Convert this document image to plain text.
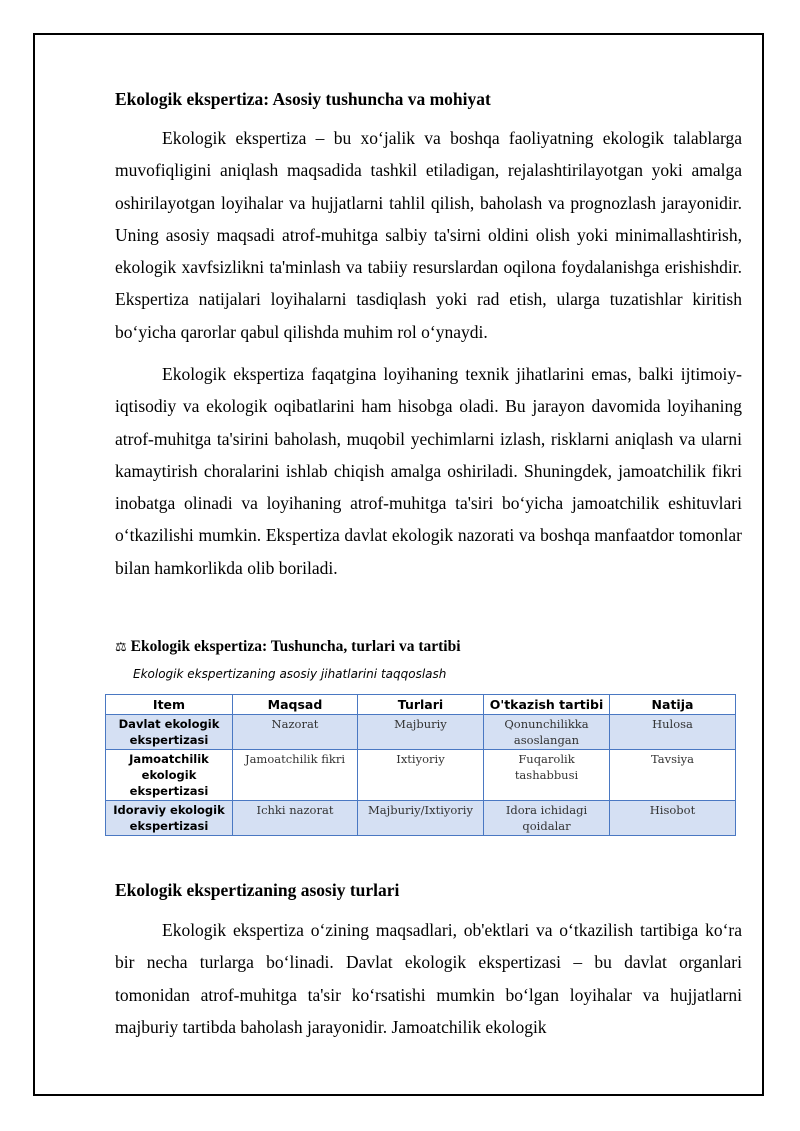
Ekologik ekspertiza: Asosiy tushuncha va mohiyat

Ekologik ekspertiza – bu xo‘jalik va boshqa faoliyatning ekologik talablarga muvofiqligini aniqlash maqsadida tashkil etiladigan, rejalashtirilayotgan yoki amalga oshirilayotgan loyihalar va hujjatlarni tahlil qilish, baholash va prognozlash jarayonidir. Uning asosiy maqsadi atrof-muhitga salbiy ta'sirni oldini olish yoki minimallashtirish, ekologik xavfsizlikni ta'minlash va tabiiy resurslardan oqilona foydalanishga erishishdir. Ekspertiza natijalari loyihalarni tasdiqlash yoki rad etish, ularga tuzatishlar kiritish bo‘yicha qarorlar qabul qilishda muhim rol o‘ynaydi.

Ekologik ekspertiza faqatgina loyihaning texnik jihatlarini emas, balki ijtimoiy-iqtisodiy va ekologik oqibatlarini ham hisobga oladi. Bu jarayon davomida loyihaning atrof-muhitga ta'sirini baholash, muqobil yechimlarni izlash, risklarni aniqlash va ularni kamaytirish choralarini ishlab chiqish amalga oshiriladi. Shuningdek, jamoatchilik fikri inobatga olinadi va loyihaning atrof-muhitga ta'siri bo‘yicha jamoatchilik eshituvlari o‘tkazilishi mumkin. Ekspertiza davlat ekologik nazorati va boshqa manfaatdor tomonlar bilan hamkorlikda olib boriladi.

⚖ Ekologik ekspertiza: Tushuncha, turlari va tartibi
Ekologik ekspertizaning asosiy jihatlarini taqqoslash
Item	Maqsad	Turlari	O'tkazish tartibi	Natija
Davlat ekologik ekspertizasi	Nazorat	Majburiy	Qonunchilikka asoslangan	Hulosa
Jamoatchilik ekologik ekspertizasi	Jamoatchilik fikri	Ixtiyoriy	Fuqarolik tashabbusi	Tavsiya
Idoraviy ekologik ekspertizasi	Ichki nazorat	Majburiy/Ixtiyoriy	Idora ichidagi qoidalar	Hisobot
Ekologik ekspertizaning asosiy turlari

Ekologik ekspertiza o‘zining maqsadlari, ob'ektlari va o‘tkazilish tartibiga ko‘ra bir necha turlarga bo‘linadi. Davlat ekologik ekspertizasi – bu davlat organlari tomonidan atrof-muhitga ta'sir ko‘rsatishi mumkin bo‘lgan loyihalar va hujjatlarni majburiy tartibda baholash jarayonidir. Jamoatchilik ekologik
